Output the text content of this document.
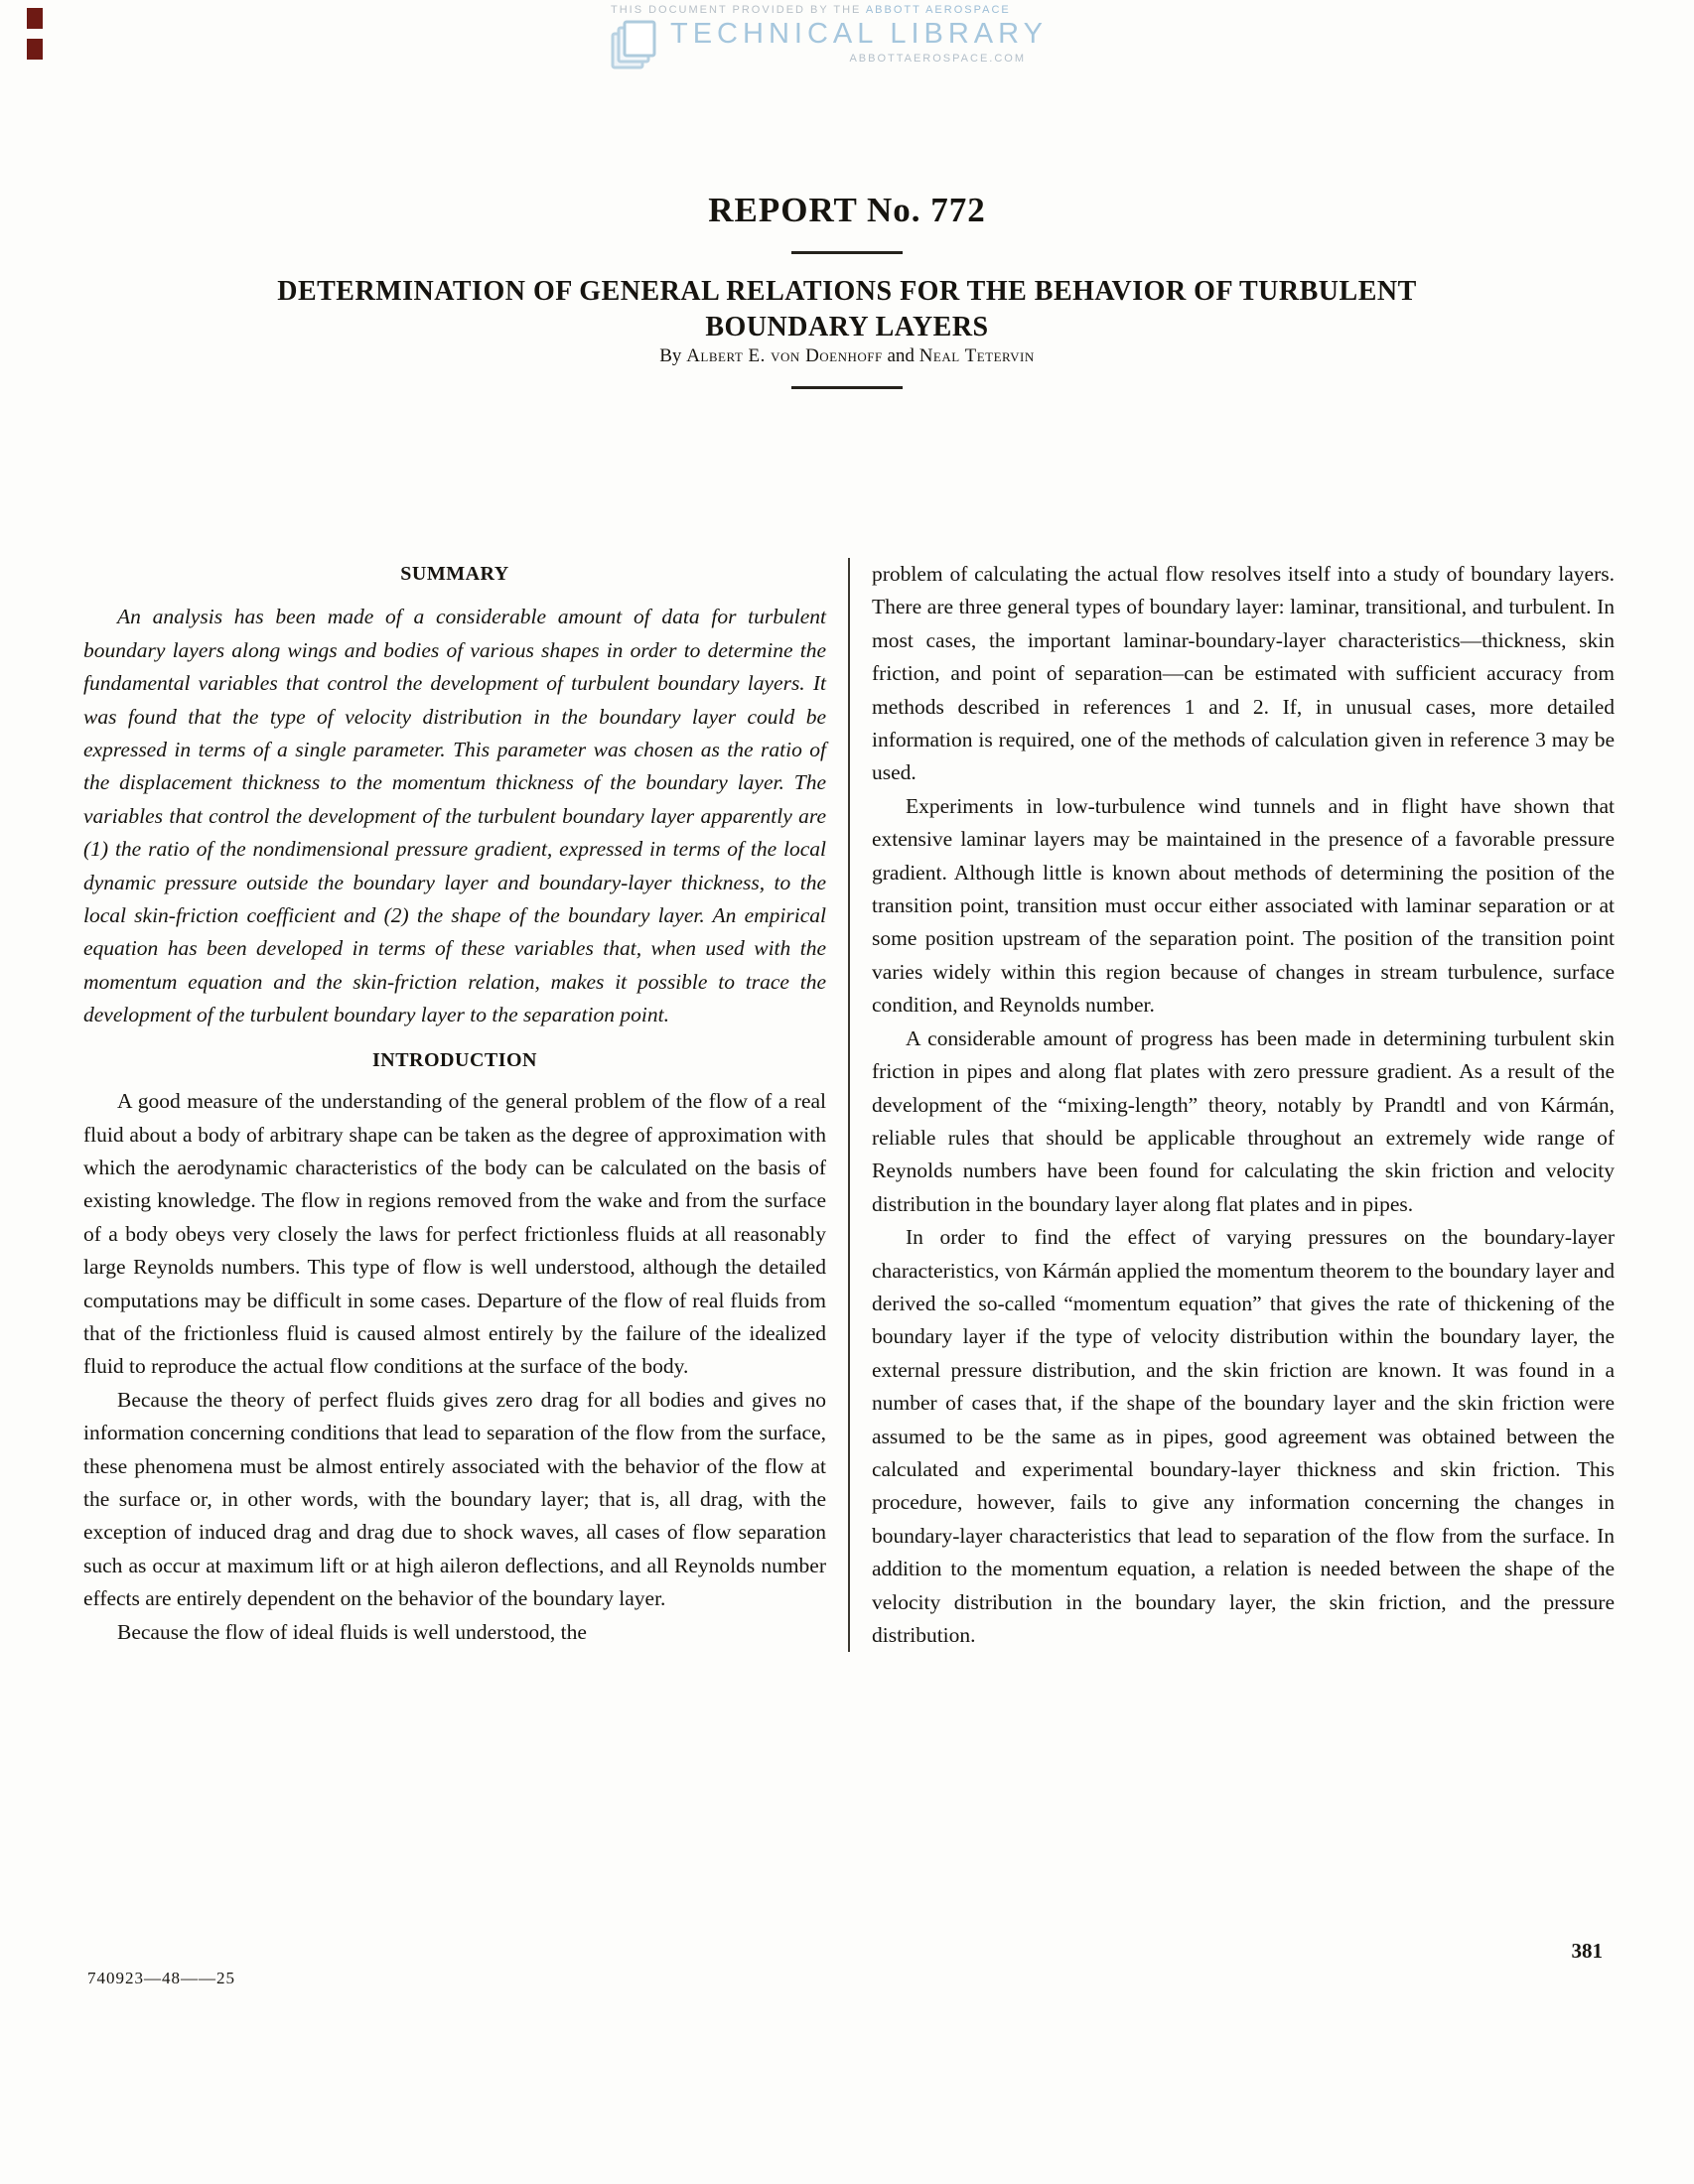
THIS DOCUMENT PROVIDED BY THE ABBOTT AEROSPACE
TECHNICAL LIBRARY
ABBOTTAEROSPACE.COM
REPORT No. 772
DETERMINATION OF GENERAL RELATIONS FOR THE BEHAVIOR OF TURBULENT BOUNDARY LAYERS
By Albert E. von Doenhoff and Neal Tetervin

SUMMARY

An analysis has been made of a considerable amount of data for turbulent boundary layers along wings and bodies of various shapes in order to determine the fundamental variables that control the development of turbulent boundary layers. It was found that the type of velocity distribution in the boundary layer could be expressed in terms of a single parameter. This parameter was chosen as the ratio of the displacement thickness to the momentum thickness of the boundary layer. The variables that control the development of the turbulent boundary layer apparently are (1) the ratio of the nondimensional pressure gradient, expressed in terms of the local dynamic pressure outside the boundary layer and boundary-layer thickness, to the local skin-friction coefficient and (2) the shape of the boundary layer. An empirical equation has been developed in terms of these variables that, when used with the momentum equation and the skin-friction relation, makes it possible to trace the development of the turbulent boundary layer to the separation point.

INTRODUCTION

A good measure of the understanding of the general problem of the flow of a real fluid about a body of arbitrary shape can be taken as the degree of approximation with which the aerodynamic characteristics of the body can be calculated on the basis of existing knowledge. The flow in regions removed from the wake and from the surface of a body obeys very closely the laws for perfect frictionless fluids at all reasonably large Reynolds numbers. This type of flow is well understood, although the detailed computations may be difficult in some cases. Departure of the flow of real fluids from that of the frictionless fluid is caused almost entirely by the failure of the idealized fluid to reproduce the actual flow conditions at the surface of the body.

Because the theory of perfect fluids gives zero drag for all bodies and gives no information concerning conditions that lead to separation of the flow from the surface, these phenomena must be almost entirely associated with the behavior of the flow at the surface or, in other words, with the boundary layer; that is, all drag, with the exception of induced drag and drag due to shock waves, all cases of flow separation such as occur at maximum lift or at high aileron deflections, and all Reynolds number effects are entirely dependent on the behavior of the boundary layer.

Because the flow of ideal fluids is well understood, the

problem of calculating the actual flow resolves itself into a study of boundary layers. There are three general types of boundary layer: laminar, transitional, and turbulent. In most cases, the important laminar-boundary-layer characteristics—thickness, skin friction, and point of separation—can be estimated with sufficient accuracy from methods described in references 1 and 2. If, in unusual cases, more detailed information is required, one of the methods of calculation given in reference 3 may be used.

Experiments in low-turbulence wind tunnels and in flight have shown that extensive laminar layers may be maintained in the presence of a favorable pressure gradient. Although little is known about methods of determining the position of the transition point, transition must occur either associated with laminar separation or at some position upstream of the separation point. The position of the transition point varies widely within this region because of changes in stream turbulence, surface condition, and Reynolds number.

A considerable amount of progress has been made in determining turbulent skin friction in pipes and along flat plates with zero pressure gradient. As a result of the development of the “mixing-length” theory, notably by Prandtl and von Kármán, reliable rules that should be applicable throughout an extremely wide range of Reynolds numbers have been found for calculating the skin friction and velocity distribution in the boundary layer along flat plates and in pipes.

In order to find the effect of varying pressures on the boundary-layer characteristics, von Kármán applied the momentum theorem to the boundary layer and derived the so-called “momentum equation” that gives the rate of thickening of the boundary layer if the type of velocity distribution within the boundary layer, the external pressure distribution, and the skin friction are known. It was found in a number of cases that, if the shape of the boundary layer and the skin friction were assumed to be the same as in pipes, good agreement was obtained between the calculated and experimental boundary-layer thickness and skin friction. This procedure, however, fails to give any information concerning the changes in boundary-layer characteristics that lead to separation of the flow from the surface. In addition to the momentum equation, a relation is needed between the shape of the velocity distribution in the boundary layer, the skin friction, and the pressure distribution.

740923—48——25
381
